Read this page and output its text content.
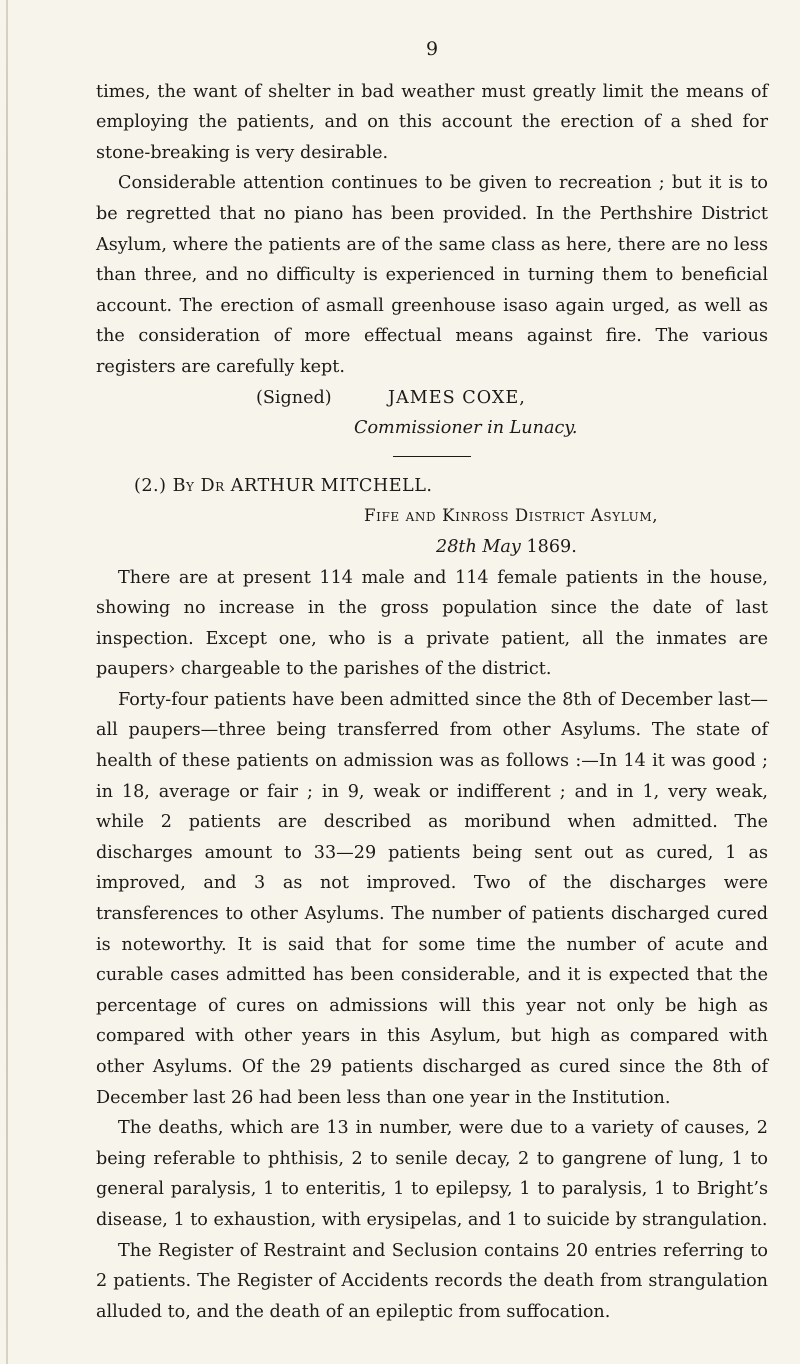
9

times, the want of shelter in bad weather must greatly limit the means of employing the patients, and on this account the erection of a shed for stone-breaking is very desirable.

Considerable attention continues to be given to recreation ; but it is to be regretted that no piano has been provided. In the Perthshire District Asylum, where the patients are of the same class as here, there are no less than three, and no difficulty is experienced in turning them to beneficial account. The erection of asmall greenhouse isaso again urged, as well as the consideration of more effectual means against fire. The various registers are carefully kept.

(Signed)	JAMES COXE,
Commissioner in Lunacy.
(2.) By Dr ARTHUR MITCHELL.
Fife and Kinross District Asylum,
28th May 1869.

There are at present 114 male and 114 female patients in the house, showing no increase in the gross population since the date of last inspection. Except one, who is a private patient, all the inmates are paupers› chargeable to the parishes of the district.

Forty-four patients have been admitted since the 8th of December last—all paupers—three being transferred from other Asylums. The state of health of these patients on admission was as follows :—In 14 it was good ; in 18, average or fair ; in 9, weak or indifferent ; and in 1, very weak, while 2 patients are described as moribund when admitted. The discharges amount to 33—29 patients being sent out as cured, 1 as improved, and 3 as not improved. Two of the discharges were transferences to other Asylums. The number of patients discharged cured is noteworthy. It is said that for some time the number of acute and curable cases admitted has been considerable, and it is expected that the percentage of cures on admissions will this year not only be high as compared with other years in this Asylum, but high as compared with other Asylums. Of the 29 patients discharged as cured since the 8th of December last 26 had been less than one year in the Institution.

The deaths, which are 13 in number, were due to a variety of causes, 2 being referable to phthisis, 2 to senile decay, 2 to gangrene of lung, 1 to general paralysis, 1 to enteritis, 1 to epilepsy, 1 to paralysis, 1 to Bright’s disease, 1 to exhaustion, with erysipelas, and 1 to suicide by strangulation.

The Register of Restraint and Seclusion contains 20 entries referring to 2 patients. The Register of Accidents records the death from strangulation alluded to, and the death of an epileptic from suffocation.
